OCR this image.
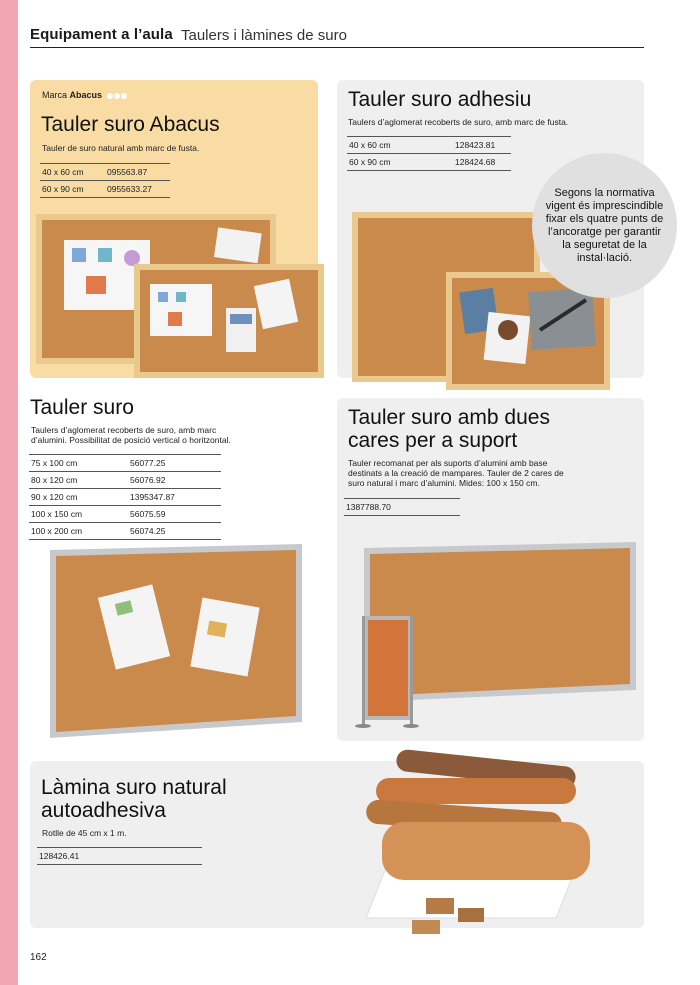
Equipament a l’aula Taulers i làmines de suro
Marca Abacus
Tauler suro Abacus
Tauler de suro natural amb marc de fusta.
40 x 60 cm	095563.87
60 x 90 cm	0955633.27
Tauler suro adhesiu
Taulers d’aglomerat recoberts de suro, amb marc de fusta.
40 x 60 cm	128423.81
60 x 90 cm	128424.68
Segons la normativa vigent és imprescindible fixar els quatre punts de l’ancoratge per garantir la seguretat de la instal·lació.
Tauler suro
Taulers d’aglomerat recoberts de suro, amb marc
d’alumini. Possibilitat de posició vertical o horitzontal.
75 x 100 cm	56077.25
80 x 120 cm	56076.92
90 x 120 cm	1395347.87
100 x 150 cm	56075.59
100 x 200 cm	56074.25
Tauler suro amb dues
cares per a suport
Tauler recomanat per als suports d’alumini amb base
destinats a la creació de mampares. Tauler de 2 cares de
suro natural i marc d’alumini. Mides: 100 x 150 cm.
1387788.70
Làmina suro natural
autoadhesiva
Rotlle de 45 cm x 1 m.
128426.41
162
